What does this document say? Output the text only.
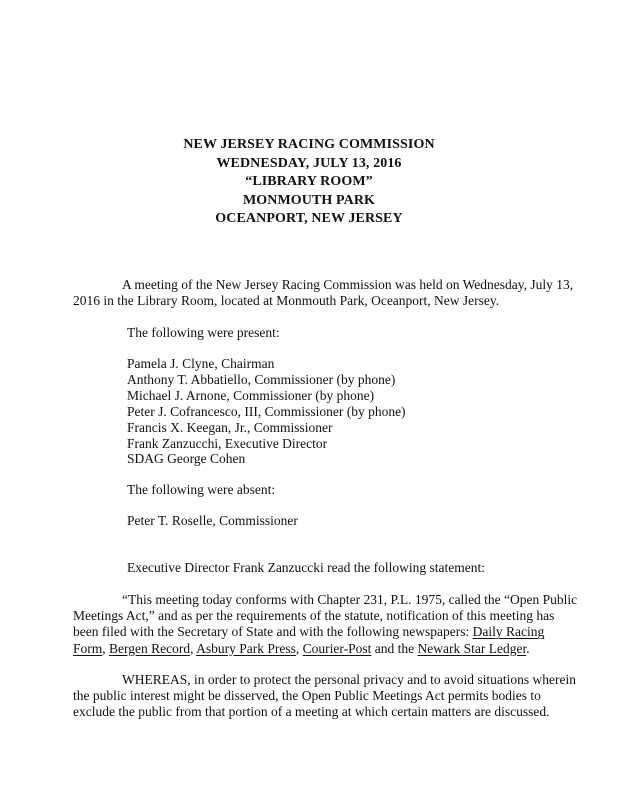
NEW JERSEY RACING COMMISSION
WEDNESDAY, JULY 13, 2016
“LIBRARY ROOM”
MONMOUTH PARK
OCEANPORT, NEW JERSEY

A meeting of the New Jersey Racing Commission was held on Wednesday, July 13,
2016 in the Library Room, located at Monmouth Park, Oceanport, New Jersey.

The following were present:
Pamela J. Clyne, Chairman
Anthony T. Abbatiello, Commissioner (by phone)
Michael J. Arnone, Commissioner (by phone)
Peter J. Cofrancesco, III, Commissioner (by phone)
Francis X. Keegan, Jr., Commissioner
Frank Zanzucchi, Executive Director
SDAG George Cohen
The following were absent:
Peter T. Roselle, Commissioner
Executive Director Frank Zanzuccki read the following statement:

“This meeting today conforms with Chapter 231, P.L. 1975, called the “Open Public
Meetings Act,” and as per the requirements of the statute, notification of this meeting has
been filed with the Secretary of State and with the following newspapers: Daily Racing
Form, Bergen Record, Asbury Park Press, Courier-Post and the Newark Star Ledger.

WHEREAS, in order to protect the personal privacy and to avoid situations wherein
the public interest might be disserved, the Open Public Meetings Act permits bodies to
exclude the public from that portion of a meeting at which certain matters are discussed.
